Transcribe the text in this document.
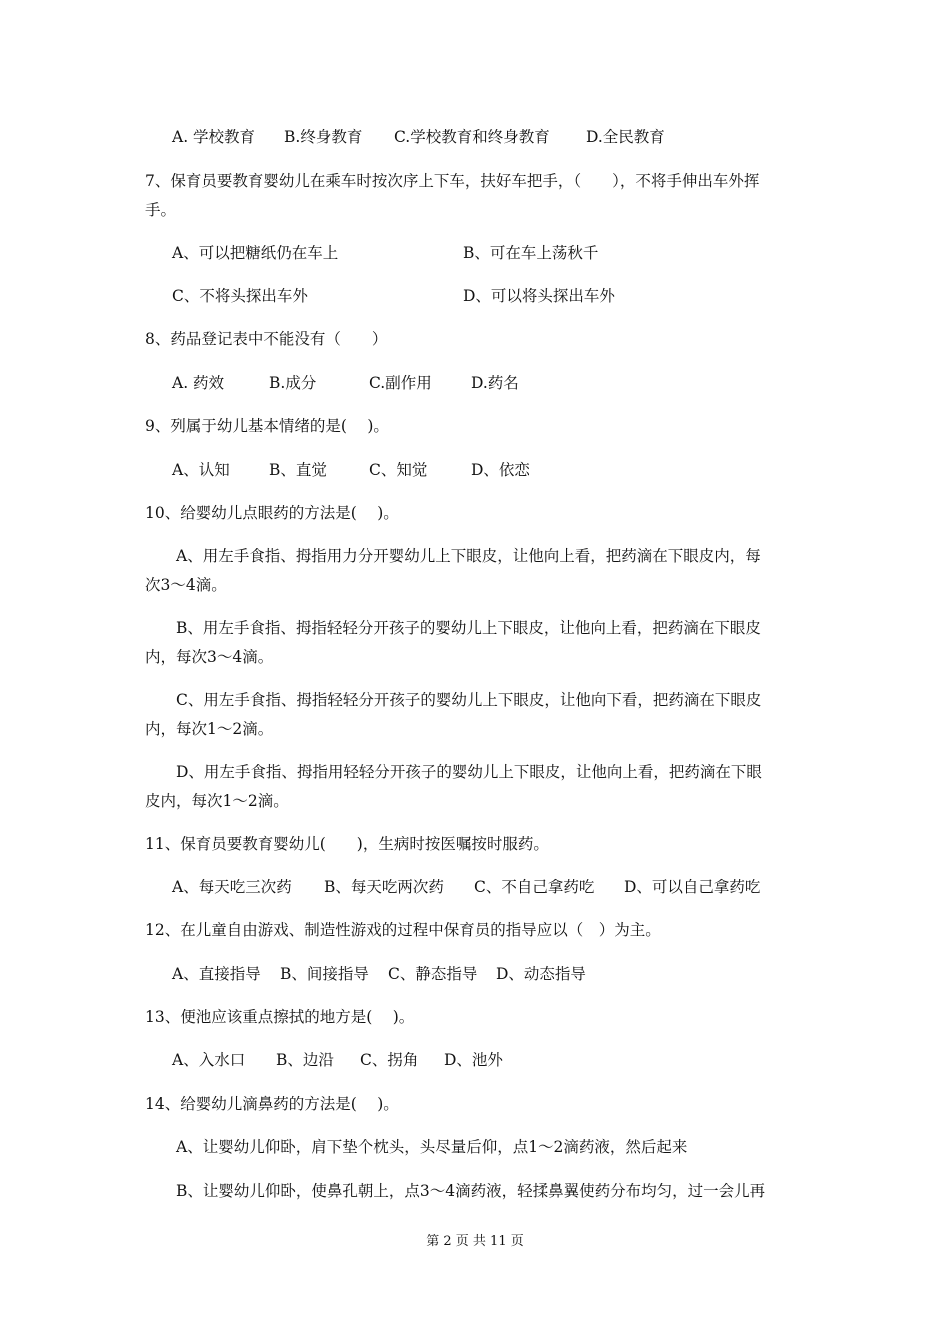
A. 学校教育 B.终身教育 C.学校教育和终身教育 D.全民教育
7、保育员要教育婴幼儿在乘车时按次序上下车，扶好车把手，（　　），不将手伸出车外挥
手。
A、可以把糖纸仍在车上	B、可在车上荡秋千
C、不将头探出车外	D、可以将头探出车外
8、药品登记表中不能没有（　　）
A. 药效	B.成分	C.副作用	D.药名
9、列属于幼儿基本情绪的是(　 )。
A、认知	B、直觉	C、知觉	D、依恋
10、给婴幼儿点眼药的方法是(　 )。
A、用左手食指、拇指用力分开婴幼儿上下眼皮，让他向上看，把药滴在下眼皮内，每
次3～4滴。
B、用左手食指、拇指轻轻分开孩子的婴幼儿上下眼皮，让他向上看，把药滴在下眼皮
内，每次3～4滴。
C、用左手食指、拇指轻轻分开孩子的婴幼儿上下眼皮，让他向下看，把药滴在下眼皮
内，每次1～2滴。
D、用左手食指、拇指用轻轻分开孩子的婴幼儿上下眼皮，让他向上看，把药滴在下眼
皮内，每次1～2滴。
11、保育员要教育婴幼儿(　　)，生病时按医嘱按时服药。
A、每天吃三次药 B、每天吃两次药 C、不自己拿药吃 D、可以自己拿药吃
12、在儿童自由游戏、制造性游戏的过程中保育员的指导应以（　）为主。
A、直接指导 B、间接指导 C、静态指导 D、动态指导
13、便池应该重点擦拭的地方是(　 )。
A、入水口 B、边沿 C、拐角 D、池外
14、给婴幼儿滴鼻药的方法是(　 )。
A、让婴幼儿仰卧，肩下垫个枕头，头尽量后仰，点1～2滴药液，然后起来
B、让婴幼儿仰卧，使鼻孔朝上，点3～4滴药液，轻揉鼻翼使药分布均匀，过一会儿再
第 2 页 共 11 页
